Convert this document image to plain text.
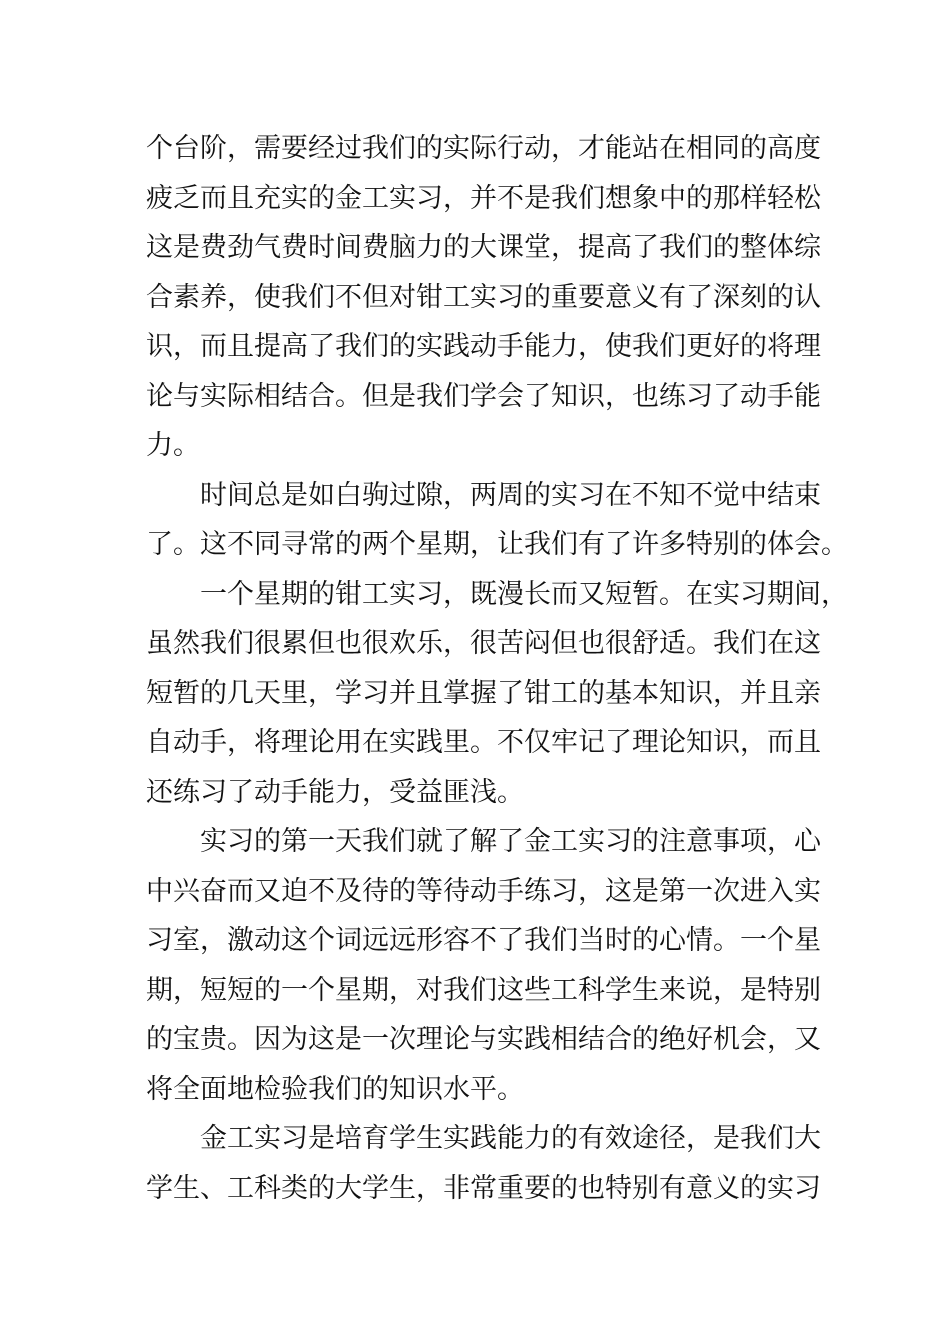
个台阶，需要经过我们的实际行动，才能站在相同的高度
疲乏而且充实的金工实习，并不是我们想象中的那样轻松
这是费劲气费时间费脑力的大课堂，提高了我们的整体综
合素养，使我们不但对钳工实习的重要意义有了深刻的认
识，而且提高了我们的实践动手能力，使我们更好的将理
论与实际相结合。但是我们学会了知识，也练习了动手能
力。
时间总是如白驹过隙，两周的实习在不知不觉中结束
了。这不同寻常的两个星期，让我们有了许多特别的体会。
一个星期的钳工实习，既漫长而又短暂。在实习期间，
虽然我们很累但也很欢乐，很苦闷但也很舒适。我们在这
短暂的几天里，学习并且掌握了钳工的基本知识，并且亲
自动手，将理论用在实践里。不仅牢记了理论知识，而且
还练习了动手能力，受益匪浅。
实习的第一天我们就了解了金工实习的注意事项，心
中兴奋而又迫不及待的等待动手练习，这是第一次进入实
习室，激动这个词远远形容不了我们当时的心情。一个星
期，短短的一个星期，对我们这些工科学生来说，是特别
的宝贵。因为这是一次理论与实践相结合的绝好机会，又
将全面地检验我们的知识水平。
金工实习是培育学生实践能力的有效途径，是我们大
学生、工科类的大学生，非常重要的也特别有意义的实习
